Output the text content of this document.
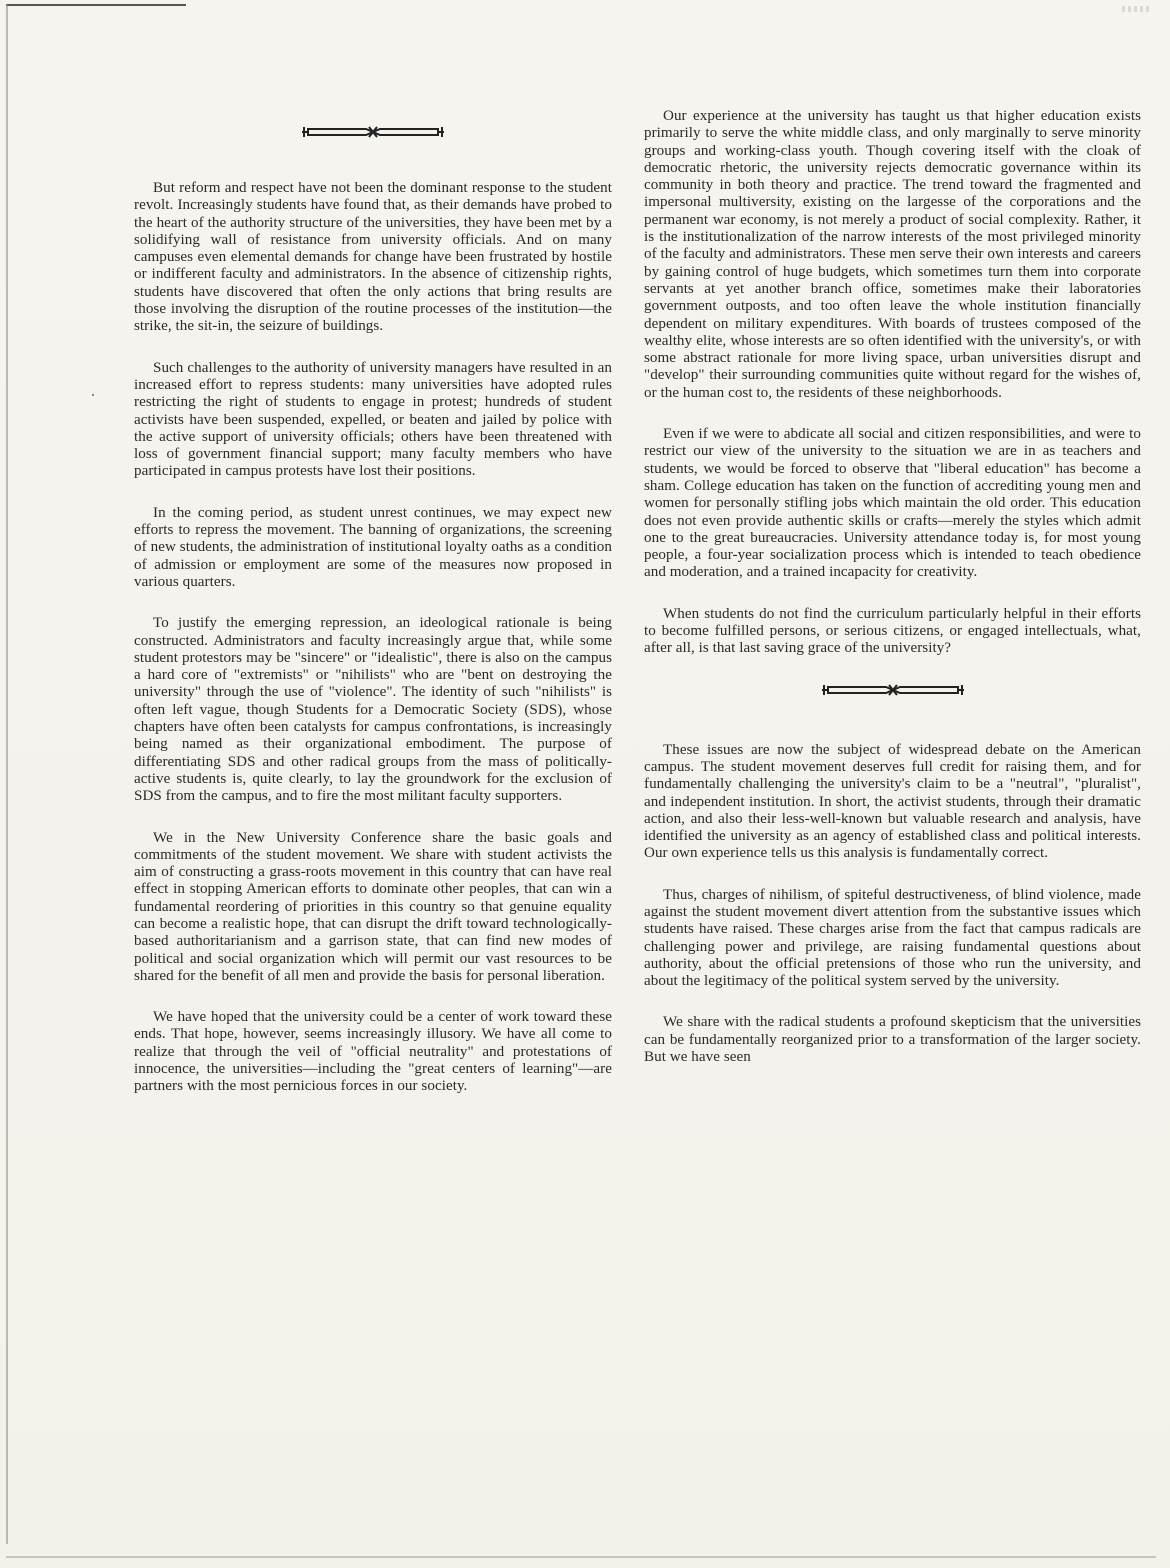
But reform and respect have not been the dominant response to the student revolt. Increasingly students have found that, as their demands have probed to the heart of the authority structure of the universities, they have been met by a solidifying wall of resistance from university officials. And on many campuses even elemental demands for change have been frustrated by hostile or indifferent faculty and administrators. In the absence of citizenship rights, students have discovered that often the only actions that bring results are those involving the disruption of the routine processes of the institution—the strike, the sit-in, the seizure of buildings.

Such challenges to the authority of university managers have resulted in an increased effort to repress students: many universities have adopted rules restricting the right of students to engage in protest; hundreds of student activists have been suspended, expelled, or beaten and jailed by police with the active support of university officials; others have been threatened with loss of government financial support; many faculty members who have participated in campus protests have lost their positions.

In the coming period, as student unrest continues, we may expect new efforts to repress the movement. The banning of organizations, the screening of new students, the administration of institutional loyalty oaths as a condition of admission or employment are some of the measures now proposed in various quarters.

To justify the emerging repression, an ideological rationale is being constructed. Administrators and faculty increasingly argue that, while some student protestors may be "sincere" or "idealistic", there is also on the campus a hard core of "extremists" or "nihilists" who are "bent on destroying the university" through the use of "violence". The identity of such "nihilists" is often left vague, though Students for a Democratic Society (SDS), whose chapters have often been catalysts for campus confrontations, is increasingly being named as their organizational embodiment. The purpose of differentiating SDS and other radical groups from the mass of politically-active students is, quite clearly, to lay the groundwork for the exclusion of SDS from the campus, and to fire the most militant faculty supporters.

We in the New University Conference share the basic goals and commitments of the student movement. We share with student activists the aim of constructing a grass-roots movement in this country that can have real effect in stopping American efforts to dominate other peoples, that can win a fundamental reordering of priorities in this country so that genuine equality can become a realistic hope, that can disrupt the drift toward technologically-based authoritarianism and a garrison state, that can find new modes of political and social organization which will permit our vast resources to be shared for the benefit of all men and provide the basis for personal liberation.

We have hoped that the university could be a center of work toward these ends. That hope, however, seems increasingly illusory. We have all come to realize that through the veil of "official neutrality" and protestations of innocence, the universities—including the "great centers of learning"—are partners with the most pernicious forces in our society.

Our experience at the university has taught us that higher education exists primarily to serve the white middle class, and only marginally to serve minority groups and working-class youth. Though covering itself with the cloak of democratic rhetoric, the university rejects democratic governance within its community in both theory and practice. The trend toward the fragmented and impersonal multiversity, existing on the largesse of the corporations and the permanent war economy, is not merely a product of social complexity. Rather, it is the institutionalization of the narrow interests of the most privileged minority of the faculty and administrators. These men serve their own interests and careers by gaining control of huge budgets, which sometimes turn them into corporate servants at yet another branch office, sometimes make their laboratories government outposts, and too often leave the whole institution financially dependent on military expenditures. With boards of trustees composed of the wealthy elite, whose interests are so often identified with the university's, or with some abstract rationale for more living space, urban universities disrupt and "develop" their surrounding communities quite without regard for the wishes of, or the human cost to, the residents of these neighborhoods.

Even if we were to abdicate all social and citizen responsibilities, and were to restrict our view of the university to the situation we are in as teachers and students, we would be forced to observe that "liberal education" has become a sham. College education has taken on the function of accrediting young men and women for personally stifling jobs which maintain the old order. This education does not even provide authentic skills or crafts—merely the styles which admit one to the great bureaucracies. University attendance today is, for most young people, a four-year socialization process which is intended to teach obedience and moderation, and a trained incapacity for creativity.

When students do not find the curriculum particularly helpful in their efforts to become fulfilled persons, or serious citizens, or engaged intellectuals, what, after all, is that last saving grace of the university?

These issues are now the subject of widespread debate on the American campus. The student movement deserves full credit for raising them, and for fundamentally challenging the university's claim to be a "neutral", "pluralist", and independent institution. In short, the activist students, through their dramatic action, and also their less-well-known but valuable research and analysis, have identified the university as an agency of established class and political interests. Our own experience tells us this analysis is fundamentally correct.

Thus, charges of nihilism, of spiteful destructiveness, of blind violence, made against the student movement divert attention from the substantive issues which students have raised. These charges arise from the fact that campus radicals are challenging power and privilege, are raising fundamental questions about authority, about the official pretensions of those who run the university, and about the legitimacy of the political system served by the university.

We share with the radical students a profound skepticism that the universities can be fundamentally reorganized prior to a transformation of the larger society. But we have seen
